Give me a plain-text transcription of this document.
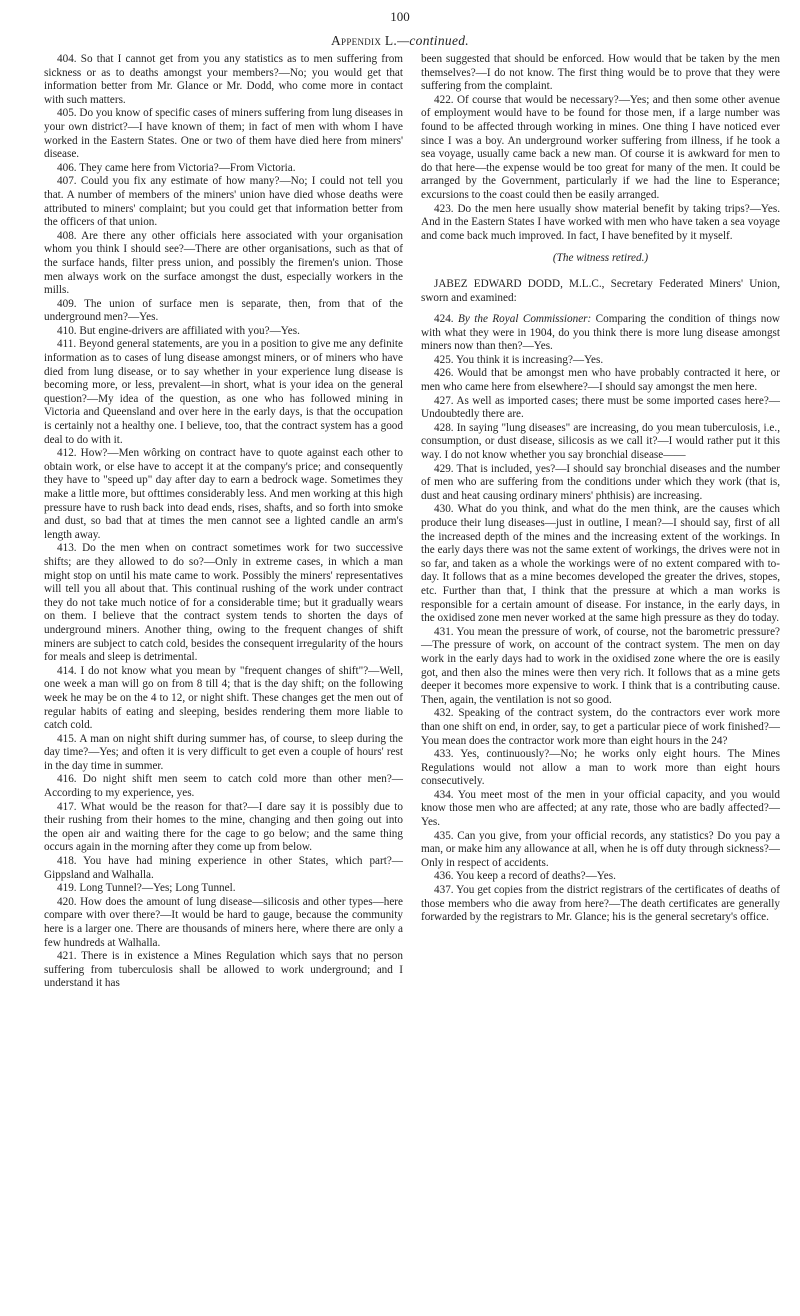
100
Appendix L.—continued.

404. So that I cannot get from you any statistics as to men suffering from sickness or as to deaths amongst your members?—No; you would get that information better from Mr. Glance or Mr. Dodd, who come more in contact with such matters.

405. Do you know of specific cases of miners suffering from lung diseases in your own district?—I have known of them; in fact of men with whom I have worked in the Eastern States. One or two of them have died here from miners' disease.

406. They came here from Victoria?—From Victoria.

407. Could you fix any estimate of how many?—No; I could not tell you that. A number of members of the miners' union have died whose deaths were attributed to miners' complaint; but you could get that information better from the officers of that union.

408. Are there any other officials here associated with your organisation whom you think I should see?—There are other organisations, such as that of the surface hands, filter press union, and possibly the firemen's union. Those men always work on the surface amongst the dust, especially workers in the mills.

409. The union of surface men is separate, then, from that of the underground men?—Yes.

410. But engine-drivers are affiliated with you?—Yes.

411. Beyond general statements, are you in a position to give me any definite information as to cases of lung disease amongst miners, or of miners who have died from lung disease, or to say whether in your experience lung disease is becoming more, or less, prevalent—in short, what is your idea on the general question?—My idea of the question, as one who has followed mining in Victoria and Queensland and over here in the early days, is that the occupation is certainly not a healthy one. I believe, too, that the contract system has a good deal to do with it.

412. How?—Men wôrking on contract have to quote against each other to obtain work, or else have to accept it at the company's price; and consequently they have to "speed up" day after day to earn a bedrock wage. Sometimes they make a little more, but ofttimes considerably less. And men working at this high pressure have to rush back into dead ends, rises, shafts, and so forth into smoke and dust, so bad that at times the men cannot see a lighted candle an arm's length away.

413. Do the men when on contract sometimes work for two successive shifts; are they allowed to do so?—Only in extreme cases, in which a man might stop on until his mate came to work. Possibly the miners' representatives will tell you all about that. This continual rushing of the work under contract they do not take much notice of for a considerable time; but it gradually wears on them. I believe that the contract system tends to shorten the days of underground miners. Another thing, owing to the frequent changes of shift miners are subject to catch cold, besides the consequent irregularity of the hours for meals and sleep is detrimental.

414. I do not know what you mean by "frequent changes of shift"?—Well, one week a man will go on from 8 till 4; that is the day shift; on the following week he may be on the 4 to 12, or night shift. These changes get the men out of regular habits of eating and sleeping, besides rendering them more liable to catch cold.

415. A man on night shift during summer has, of course, to sleep during the day time?—Yes; and often it is very difficult to get even a couple of hours' rest in the day time in summer.

416. Do night shift men seem to catch cold more than other men?—According to my experience, yes.

417. What would be the reason for that?—I dare say it is possibly due to their rushing from their homes to the mine, changing and then going out into the open air and waiting there for the cage to go below; and the same thing occurs again in the morning after they come up from below.

418. You have had mining experience in other States, which part?—Gippsland and Walhalla.

419. Long Tunnel?—Yes; Long Tunnel.

420. How does the amount of lung disease—silicosis and other types—here compare with over there?—It would be hard to gauge, because the community here is a larger one. There are thousands of miners here, where there are only a few hundreds at Walhalla.

421. There is in existence a Mines Regulation which says that no person suffering from tuberculosis shall be allowed to work underground; and I understand it has

been suggested that should be enforced. How would that be taken by the men themselves?—I do not know. The first thing would be to prove that they were suffering from the complaint.

422. Of course that would be necessary?—Yes; and then some other avenue of employment would have to be found for those men, if a large number was found to be affected through working in mines. One thing I have noticed ever since I was a boy. An underground worker suffering from illness, if he took a sea voyage, usually came back a new man. Of course it is awkward for men to do that here—the expense would be too great for many of the men. It could be arranged by the Government, particularly if we had the line to Esperance; excursions to the coast could then be easily arranged.

423. Do the men here usually show material benefit by taking trips?—Yes. And in the Eastern States I have worked with men who have taken a sea voyage and come back much improved. In fact, I have benefited by it myself.

(The witness retired.)

JABEZ EDWARD DODD, M.L.C., Secretary Federated Miners' Union, sworn and examined:

424. By the Royal Commissioner: Comparing the condition of things now with what they were in 1904, do you think there is more lung disease amongst miners now than then?—Yes.

425. You think it is increasing?—Yes.

426. Would that be amongst men who have probably contracted it here, or men who came here from elsewhere?—I should say amongst the men here.

427. As well as imported cases; there must be some imported cases here?—Undoubtedly there are.

428. In saying "lung diseases" are increasing, do you mean tuberculosis, i.e., consumption, or dust disease, silicosis as we call it?—I would rather put it this way. I do not know whether you say bronchial disease——

429. That is included, yes?—I should say bronchial diseases and the number of men who are suffering from the conditions under which they work (that is, dust and heat causing ordinary miners' phthisis) are increasing.

430. What do you think, and what do the men think, are the causes which produce their lung diseases—just in outline, I mean?—I should say, first of all the increased depth of the mines and the increasing extent of the workings. In the early days there was not the same extent of workings, the drives were not in so far, and taken as a whole the workings were of no extent compared with to-day. It follows that as a mine becomes developed the greater the drives, stopes, etc. Further than that, I think that the pressure at which a man works is responsible for a certain amount of disease. For instance, in the early days, in the oxidised zone men never worked at the same high pressure as they do today.

431. You mean the pressure of work, of course, not the barometric pressure?—The pressure of work, on account of the contract system. The men on day work in the early days had to work in the oxidised zone where the ore is easily got, and then also the mines were then very rich. It follows that as a mine gets deeper it becomes more expensive to work. I think that is a contributing cause. Then, again, the ventilation is not so good.

432. Speaking of the contract system, do the contractors ever work more than one shift on end, in order, say, to get a particular piece of work finished?—You mean does the contractor work more than eight hours in the 24?

433. Yes, continuously?—No; he works only eight hours. The Mines Regulations would not allow a man to work more than eight hours consecutively.

434. You meet most of the men in your official capacity, and you would know those men who are affected; at any rate, those who are badly affected?—Yes.

435. Can you give, from your official records, any statistics? Do you pay a man, or make him any allowance at all, when he is off duty through sickness?—Only in respect of accidents.

436. You keep a record of deaths?—Yes.

437. You get copies from the district registrars of the certificates of deaths of those members who die away from here?—The death certificates are generally forwarded by the registrars to Mr. Glance; his is the general secretary's office.
